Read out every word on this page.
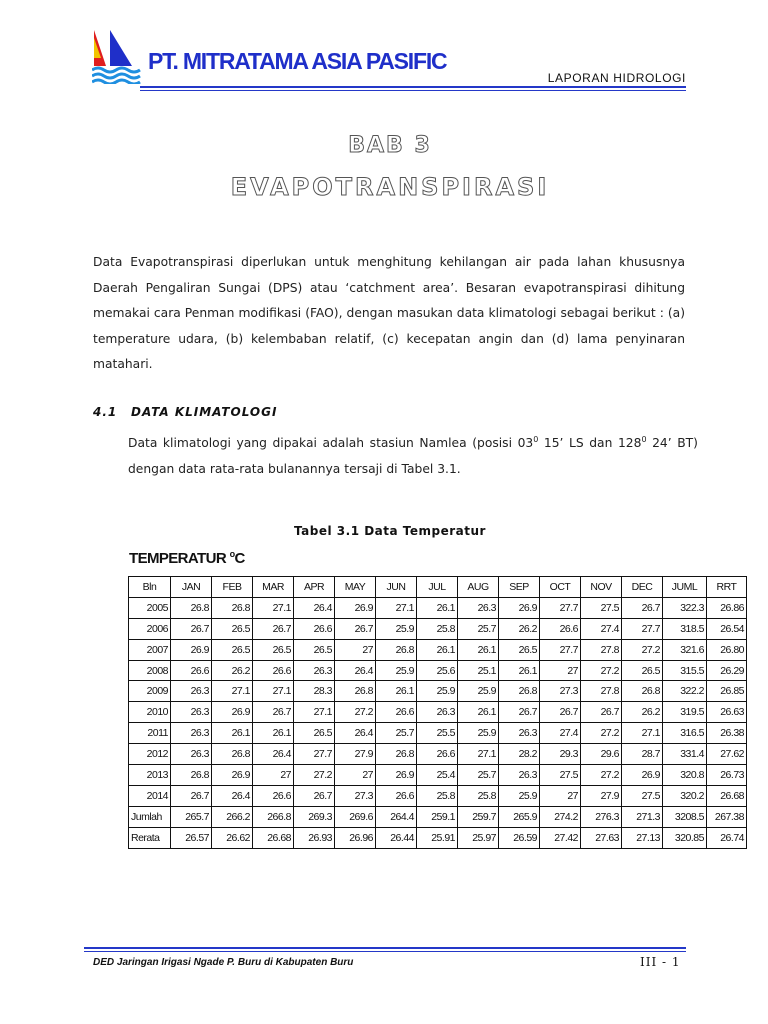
PT. MITRATAMA ASIA PASIFIC
LAPORAN HIDROLOGI
BAB 3
EVAPOTRANSPIRASI
Data Evapotranspirasi diperlukan untuk menghitung kehilangan air pada lahan khususnya Daerah Pengaliran Sungai (DPS) atau ‘catchment area’. Besaran evapotranspirasi dihitung memakai cara Penman modifikasi (FAO), dengan masukan data klimatologi sebagai berikut : (a) temperature udara, (b) kelembaban relatif, (c) kecepatan angin dan (d) lama penyinaran matahari.
4.1 DATA KLIMATOLOGI
Data klimatologi yang dipakai adalah stasiun Namlea (posisi $03^0$ 15’ LS dan $128^0$ 24’ BT) dengan data rata-rata bulanannya tersaji di Tabel 3.1.
Tabel 3.1 Data Temperatur
TEMPERATUR $^o$C
Bln	JAN	FEB	MAR	APR	MAY	JUN	JUL	AUG	SEP	OCT	NOV	DEC	JUML	RRT
2005	26.8	26.8	27.1	26.4	26.9	27.1	26.1	26.3	26.9	27.7	27.5	26.7	322.3	26.86
2006	26.7	26.5	26.7	26.6	26.7	25.9	25.8	25.7	26.2	26.6	27.4	27.7	318.5	26.54
2007	26.9	26.5	26.5	26.5	27	26.8	26.1	26.1	26.5	27.7	27.8	27.2	321.6	26.80
2008	26.6	26.2	26.6	26.3	26.4	25.9	25.6	25.1	26.1	27	27.2	26.5	315.5	26.29
2009	26.3	27.1	27.1	28.3	26.8	26.1	25.9	25.9	26.8	27.3	27.8	26.8	322.2	26.85
2010	26.3	26.9	26.7	27.1	27.2	26.6	26.3	26.1	26.7	26.7	26.7	26.2	319.5	26.63
2011	26.3	26.1	26.1	26.5	26.4	25.7	25.5	25.9	26.3	27.4	27.2	27.1	316.5	26.38
2012	26.3	26.8	26.4	27.7	27.9	26.8	26.6	27.1	28.2	29.3	29.6	28.7	331.4	27.62
2013	26.8	26.9	27	27.2	27	26.9	25.4	25.7	26.3	27.5	27.2	26.9	320.8	26.73
2014	26.7	26.4	26.6	26.7	27.3	26.6	25.8	25.8	25.9	27	27.9	27.5	320.2	26.68
Jumlah	265.7	266.2	266.8	269.3	269.6	264.4	259.1	259.7	265.9	274.2	276.3	271.3	3208.5	267.38
Rerata	26.57	26.62	26.68	26.93	26.96	26.44	25.91	25.97	26.59	27.42	27.63	27.13	320.85	26.74
DED Jaringan Irigasi Ngade P. Buru di Kabupaten Buru	III - 1
